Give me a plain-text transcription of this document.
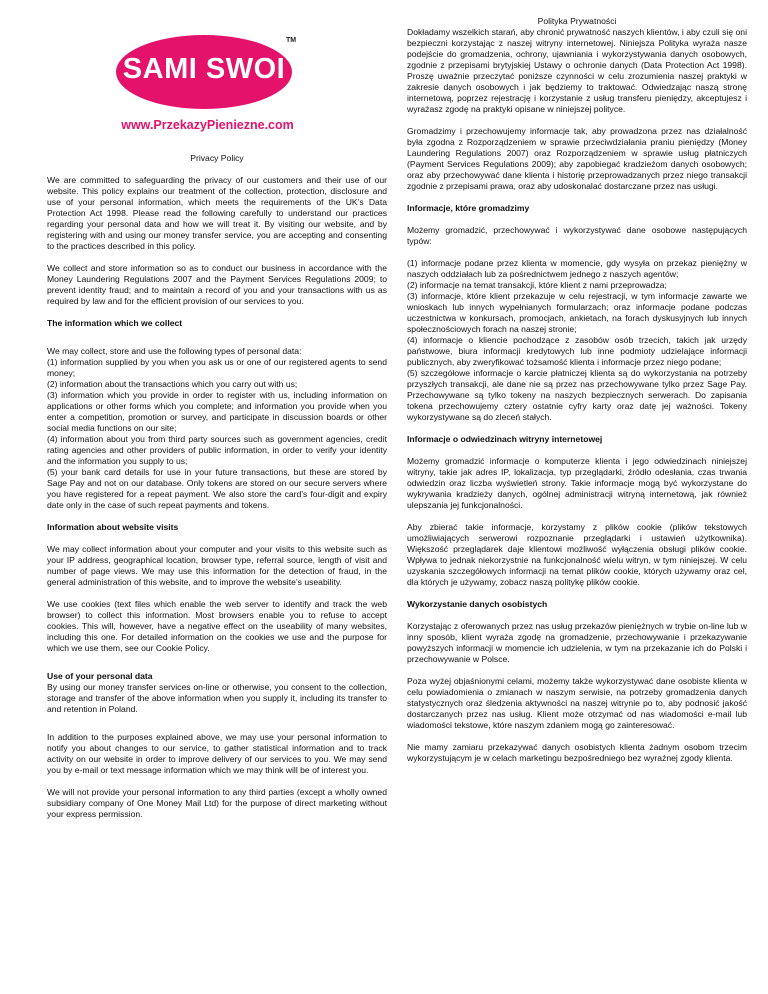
SAMI SWOI
TM
www.PrzekazyPieniezne.com

Privacy Policy

We are committed to safeguarding the privacy of our customers and their use of our website. This policy explains our treatment of the collection, protection, disclosure and use of your personal information, which meets the requirements of the UK’s Data Protection Act 1998. Please read the following carefully to understand our practices regarding your personal data and how we will treat it. By visiting our website, and by registering with and using our money transfer service, you are accepting and consenting to the practices described in this policy.

We collect and store information so as to conduct our business in accordance with the Money Laundering Regulations 2007 and the Payment Services Regulations 2009; to prevent identity fraud; and to maintain a record of you and your transactions with us as required by law and for the efficient provision of our services to you.

The information which we collect

We may collect, store and use the following types of personal data:

(1) information supplied by you when you ask us or one of our registered agents to send money;

(2) information about the transactions which you carry out with us;

(3) information which you provide in order to register with us, including information on applications or other forms which you complete; and information you provide when you enter a competition, promotion or survey, and participate in discussion boards or other social media functions on our site;

(4) information about you from third party sources such as government agencies, credit rating agencies and other providers of public information, in order to verify your identity and the information you supply to us;

(5) your bank card details for use in your future transactions, but these are stored by Sage Pay and not on our database. Only tokens are stored on our secure servers where you have registered for a repeat payment. We also store the card’s four-digit and expiry date only in the case of such repeat payments and tokens.

Information about website visits

We may collect information about your computer and your visits to this website such as your IP address, geographical location, browser type, referral source, length of visit and number of page views. We may use this information for the detection of fraud, in the general administration of this website, and to improve the website’s useability.

We use cookies (text files which enable the web server to identify and track the web browser) to collect this information. Most browsers enable you to refuse to accept cookies. This will, however, have a negative effect on the useability of many websites, including this one. For detailed information on the cookies we use and the purpose for which we use them, see our Cookie Policy.

Use of your personal data

By using our money transfer services on-line or otherwise, you consent to the collection, storage and transfer of the above information when you supply it, including its transfer to and retention in Poland.

In addition to the purposes explained above, we may use your personal information to notify you about changes to our service, to gather statistical information and to track activity on our website in order to improve delivery of our services to you. We may send you by e-mail or text message information which we may think will be of interest you.

We will not provide your personal information to any third parties (except a wholly owned subsidiary company of One Money Mail Ltd) for the purpose of direct marketing without your express permission.

Polityka Prywatności

Dokładamy wszelkich starań, aby chronić prywatność naszych klientów, i aby czuli się oni bezpieczni korzystając z naszej witryny internetowej. Niniejsza Polityka wyraża nasze podejście do gromadzenia, ochrony, ujawniania i wykorzystywania danych osobowych, zgodnie z przepisami brytyjskiej Ustawy o ochronie danych (Data Protection Act 1998). Proszę uważnie przeczytać poniższe czynności w celu zrozumienia naszej praktyki w zakresie danych osobowych i jak będziemy to traktować. Odwiedzając naszą stronę internetową, poprzez rejestrację i korzystanie z usług transferu pieniędzy, akceptujesz i wyrażasz zgodę na praktyki opisane w niniejszej polityce.

Gromadzimy i przechowujemy informacje tak, aby prowadzona przez nas działalność była zgodna z Rozporządzeniem w sprawie przeciwdziałania praniu pieniędzy (Money Laundering Regulations 2007) oraz Rozporządzeniem w sprawie usług płatniczych (Payment Services Regulations 2009); aby zapobiegać kradzieżom danych osobowych; oraz aby przechowywać dane klienta i historię przeprowadzanych przez niego transakcji zgodnie z przepisami prawa, oraz aby udoskonalać dostarczane przez nas usługi.

Informacje, które gromadzimy

Możemy gromadzić, przechowywać i wykorzystywać dane osobowe następujących typów:

(1) informacje podane przez klienta w momencie, gdy wysyła on przekaz pieniężny w naszych oddziałach lub za pośrednictwem jednego z naszych agentów;

(2) informacje na temat transakcji, które klient z nami przeprowadza;

(3) informacje, które klient przekazuje w celu rejestracji, w tym informacje zawarte we wnioskach lub innych wypełnianych formularzach; oraz informacje podane podczas uczestnictwa w konkursach, promocjach, ankietach, na forach dyskusyjnych lub innych społecznościowych forach na naszej stronie;

(4) informacje o kliencie pochodzące z zasobów osób trzecich, takich jak urzędy państwowe, biura informacji kredytowych lub inne podmioty udzielające informacji publicznych, aby zweryfikować tożsamość klienta i informacje przez niego podane;

(5) szczegółowe informacje o karcie płatniczej klienta są do wykorzystania na potrzeby przyszłych transakcji, ale dane nie są przez nas przechowywane tylko przez Sage Pay. Przechowywane są tylko tokeny na naszych bezpiecznych serwerach. Do zapisania tokena przechowujemy cztery ostatnie cyfry karty oraz datę jej ważności. Tokeny wykorzystywane są do zleceń stałych.

Informacje o odwiedzinach witryny internetowej

Możemy gromadzić informacje o komputerze klienta i jego odwiedzinach niniejszej witryny, takie jak adres IP, lokalizacja, typ przeglądarki, źródło odesłania, czas trwania odwiedzin oraz liczba wyświetleń strony. Takie informacje mogą być wykorzystane do wykrywania kradzieży danych, ogólnej administracji witryną internetową, jak również ulepszania jej funkcjonalności.

Aby zbierać takie informacje, korzystamy z plików cookie (plików tekstowych umożliwiających serwerowi rozpoznanie przeglądarki i ustawień użytkownika). Większość przeglądarek daje klientowi możliwość wyłączenia obsługi plików cookie. Wpływa to jednak niekorzystnie na funkcjonalność wielu witryn, w tym niniejszej. W celu uzyskania szczegółowych informacji na temat plików cookie, których używamy oraz cel, dla których je używamy, zobacz naszą politykę plików cookie.

Wykorzystanie danych osobistych

Korzystając z oferowanych przez nas usług przekazów pieniężnych w trybie on-line lub w inny sposób, klient wyraża zgodę na gromadzenie, przechowywanie i przekazywanie powyższych informacji w momencie ich udzielenia, w tym na przekazanie ich do Polski i przechowywanie w Polsce.

Poza wyżej objaśnionymi celami, możemy także wykorzystywać dane osobiste klienta w celu powiadomienia o zmianach w naszym serwisie, na potrzeby gromadzenia danych statystycznych oraz śledzenia aktywności na naszej witrynie po to, aby podnosić jakość dostarczanych przez nas usług. Klient może otrzymać od nas wiadomości e-mail lub wiadomości tekstowe, które naszym zdaniem mogą go zainteresować.

Nie mamy zamiaru przekazywać danych osobistych klienta żadnym osobom trzecim wykorzystującym je w celach marketingu bezpośredniego bez wyraźnej zgody klienta.
